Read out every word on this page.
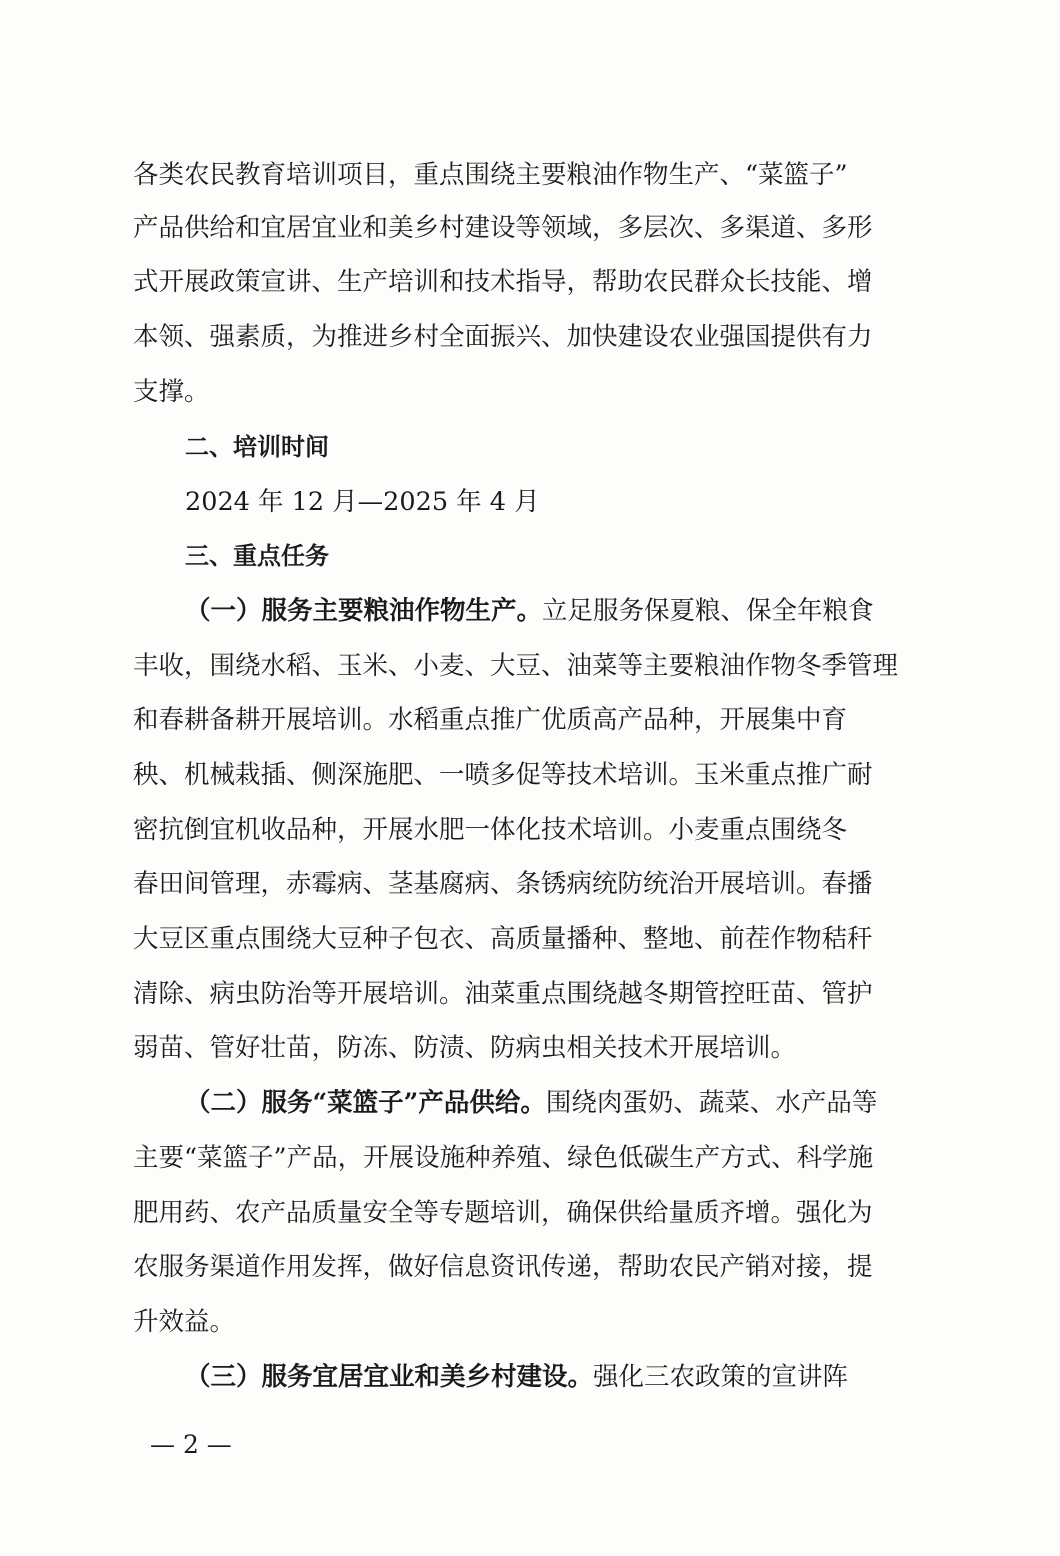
各类农民教育培训项目，重点围绕主要粮油作物生产、“菜篮子”
产品供给和宜居宜业和美乡村建设等领域，多层次、多渠道、多形
式开展政策宣讲、生产培训和技术指导，帮助农民群众长技能、增
本领、强素质，为推进乡村全面振兴、加快建设农业强国提供有力
支撑。
二、培训时间
2024 年 12 月—2025 年 4 月
三、重点任务
（一）服务主要粮油作物生产。立足服务保夏粮、保全年粮食
丰收，围绕水稻、玉米、小麦、大豆、油菜等主要粮油作物冬季管理
和春耕备耕开展培训。水稻重点推广优质高产品种，开展集中育
秧、机械栽插、侧深施肥、一喷多促等技术培训。玉米重点推广耐
密抗倒宜机收品种，开展水肥一体化技术培训。小麦重点围绕冬
春田间管理，赤霉病、茎基腐病、条锈病统防统治开展培训。春播
大豆区重点围绕大豆种子包衣、高质量播种、整地、前茬作物秸秆
清除、病虫防治等开展培训。油菜重点围绕越冬期管控旺苗、管护
弱苗、管好壮苗，防冻、防渍、防病虫相关技术开展培训。
（二）服务“菜篮子”产品供给。围绕肉蛋奶、蔬菜、水产品等
主要“菜篮子”产品，开展设施种养殖、绿色低碳生产方式、科学施
肥用药、农产品质量安全等专题培训，确保供给量质齐增。强化为
农服务渠道作用发挥，做好信息资讯传递，帮助农民产销对接，提
升效益。
（三）服务宜居宜业和美乡村建设。强化三农政策的宣讲阵
— 2 —
